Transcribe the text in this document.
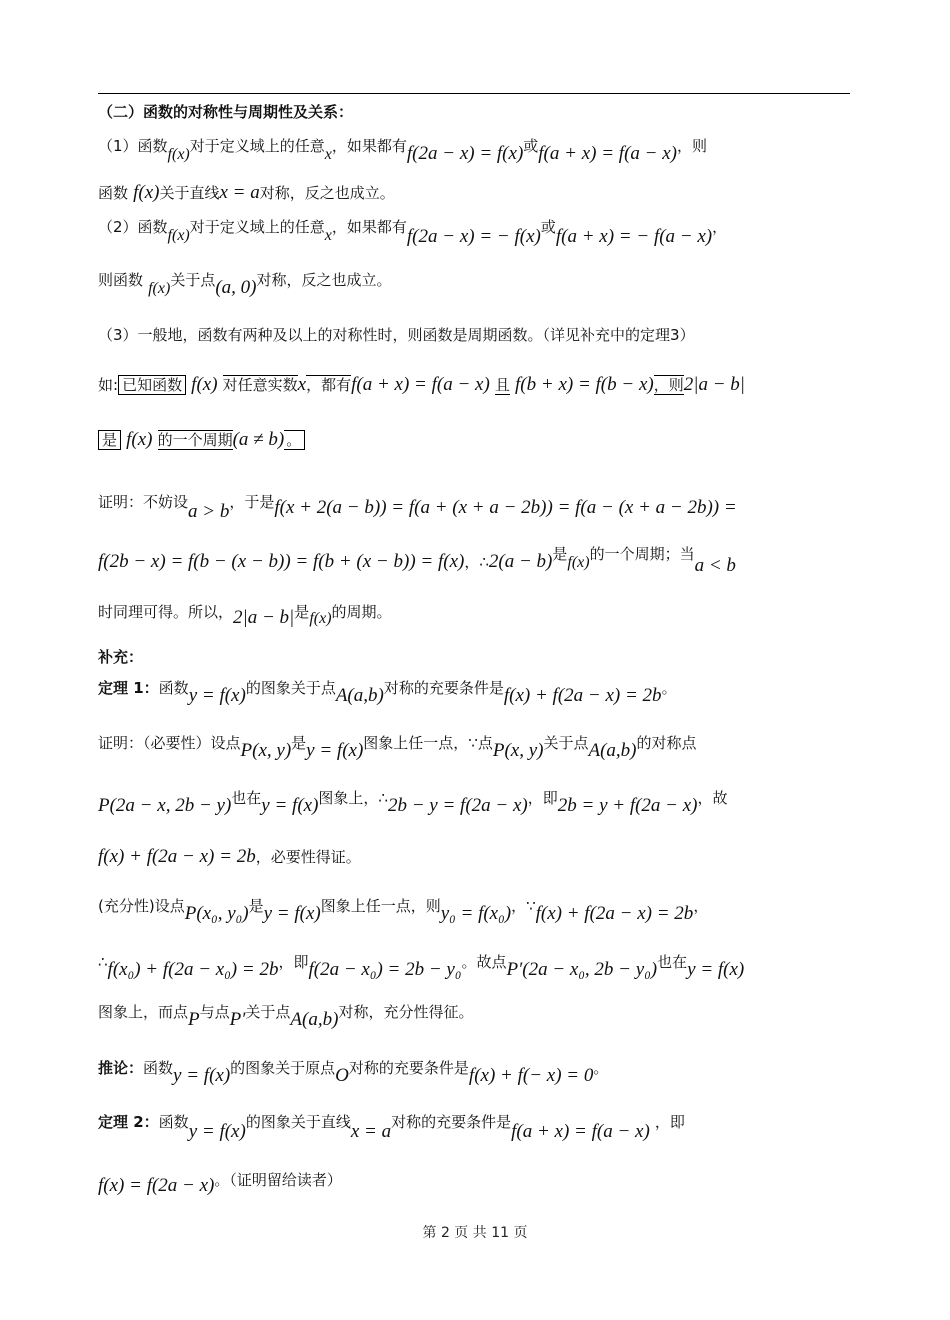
（二）函数的对称性与周期性及关系：
（1）函数f(x)对于定义域上的任意x，如果都有f(2a − x) = f(x)或f(a + x) = f(a − x)，则
函数 f(x)关于直线x = a对称，反之也成立。
（2）函数f(x)对于定义域上的任意x，如果都有f(2a − x) = − f(x)或f(a + x) = − f(a − x)，
则函数 f(x)关于点(a, 0)对称，反之也成立。
（3）一般地，函数有两种及以上的对称性时，则函数是周期函数。（详见补充中的定理3）
如: 已知函数 f(x) 对任意实数x，都有f(a + x) = f(a − x) 且 f(b + x) = f(b − x)，则2|a − b|
是 f(x) 的一个周期(a ≠ b) 。
证明：不妨设a > b，于是f(x + 2(a − b)) = f(a + (x + a − 2b)) = f(a − (x + a − 2b)) =
f(2b − x) = f(b − (x − b)) = f(b + (x − b)) = f(x)，∴2(a − b)是f(x)的一个周期；当a < b
时同理可得。所以，2|a − b|是f(x)的周期。
补充：
定理 1：函数y = f(x)的图象关于点A(a,b)对称的充要条件是f(x) + f(2a − x) = 2b。
证明：（必要性）设点P(x, y)是y = f(x)图象上任一点，∵点P(x, y)关于点A(a,b)的对称点
P(2a − x, 2b − y)也在y = f(x)图象上，∴2b − y = f(2a − x)，即2b = y + f(2a − x)，故
f(x) + f(2a − x) = 2b，必要性得证。
(充分性)设点P(x₀, y₀)是y = f(x)图象上任一点，则y₀ = f(x₀)，∵f(x) + f(2a − x) = 2b，
∴f(x₀) + f(2a − x₀) = 2b，即f(2a − x₀) = 2b − y₀。故点P′(2a − x₀, 2b − y₀)也在y = f(x)
图象上，而点P与点P′关于点A(a,b)对称，充分性得征。
推论：函数y = f(x)的图象关于原点O对称的充要条件是f(x) + f(− x) = 0。
定理 2：函数y = f(x)的图象关于直线x = a对称的充要条件是f(a + x) = f(a − x) ，即
f(x) = f(2a − x)。（证明留给读者）
第 2 页 共 11 页
